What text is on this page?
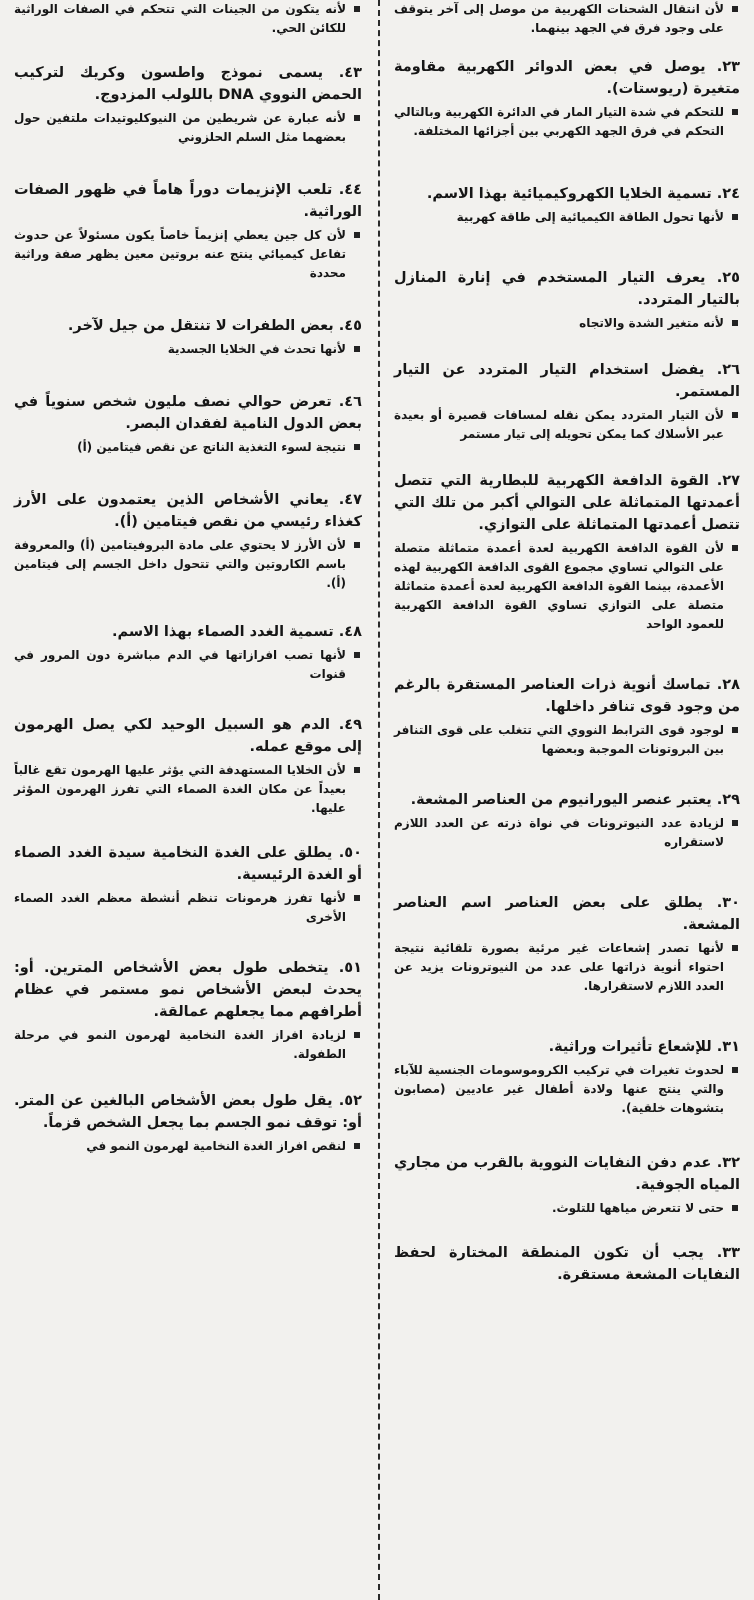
لأن انتقال الشحنات الكهربية من موصل إلى آخر يتوقف على وجود فرق في الجهد بينهما.

٢٣. يوصل في بعض الدوائر الكهربية مقاومة متغيرة (ريوستات).

للتحكم في شدة التيار المار في الدائرة الكهربية وبالتالي التحكم في فرق الجهد الكهربي بين أجزائها المختلفة.

٢٤. تسمية الخلايا الكهروكيميائية بهذا الاسم.

لأنها تحول الطاقة الكيميائية إلى طاقة كهربية

٢٥. يعرف التيار المستخدم في إنارة المنازل بالتيار المتردد.

لأنه متغير الشدة والاتجاه

٢٦. يفضل استخدام التيار المتردد عن التيار المستمر.

لأن التيار المتردد يمكن نقله لمسافات قصيرة أو بعيدة عبر الأسلاك كما يمكن تحويله إلى تيار مستمر

٢٧. القوة الدافعة الكهربية للبطارية التي تتصل أعمدتها المتماثلة على التوالي أكبر من تلك التي تتصل أعمدتها المتماثلة على التوازي.

لأن القوة الدافعة الكهربية لعدة أعمدة متماثلة متصلة على التوالي تساوي مجموع القوى الدافعة الكهربية لهذه الأعمدة، بينما القوة الدافعة الكهربية لعدة أعمدة متماثلة متصلة على التوازي تساوي القوة الدافعة الكهربية للعمود الواحد

٢٨. تماسك أنوية ذرات العناصر المستقرة بالرغم من وجود قوى تنافر داخلها.

لوجود قوى الترابط النووي التي تتغلب على قوى التنافر بين البروتونات الموجبة وبعضها

٢٩. يعتبر عنصر اليورانيوم من العناصر المشعة.

لزيادة عدد النيوترونات في نواة ذرته عن العدد اللازم لاستقراره

٣٠. يطلق على بعض العناصر اسم العناصر المشعة.

لأنها تصدر إشعاعات غير مرئية بصورة تلقائية نتيجة احتواء أنوية ذراتها على عدد من النيوترونات يزيد عن العدد اللازم لاستقرارها.

٣١. للإشعاع تأثيرات وراثية.

لحدوث تغيرات في تركيب الكروموسومات الجنسية للآباء والتي ينتج عنها ولادة أطفال غير عاديين (مصابون بتشوهات خلقية).

٣٢. عدم دفن النفايات النووية بالقرب من مجاري المياه الجوفية.

حتى لا تتعرض مياهها للتلوث.

٣٣. يجب أن تكون المنطقة المختارة لحفظ النفايات المشعة مستقرة.

لأنه يتكون من الجينات التي تتحكم في الصفات الوراثية للكائن الحي.

٤٣. يسمى نموذج واطسون وكريك لتركيب الحمض النووي DNA باللولب المزدوج.

لأنه عبارة عن شريطين من النيوكليوتيدات ملتفين حول بعضهما مثل السلم الحلزوني

٤٤. تلعب الإنزيمات دوراً هاماً في ظهور الصفات الوراثية.

لأن كل جين يعطي إنزيماً خاصاً يكون مسئولاً عن حدوث تفاعل كيميائي ينتج عنه بروتين معين يظهر صفة وراثية محددة

٤٥. بعض الطفرات لا تنتقل من جيل لآخر.

لأنها تحدث في الخلايا الجسدية

٤٦. تعرض حوالي نصف مليون شخص سنوياً في بعض الدول النامية لفقدان البصر.

نتيجة لسوء التغذية الناتج عن نقص فيتامين (أ)

٤٧. يعاني الأشخاص الذين يعتمدون على الأرز كغذاء رئيسي من نقص فيتامين (أ).

لأن الأرز لا يحتوي على مادة البروفيتامين (أ) والمعروفة باسم الكاروتين والتي تتحول داخل الجسم إلى فيتامين (أ).

٤٨. تسمية الغدد الصماء بهذا الاسم.

لأنها تصب افرازاتها في الدم مباشرة دون المرور في قنوات

٤٩. الدم هو السبيل الوحيد لكي يصل الهرمون إلى موقع عمله.

لأن الخلايا المستهدفة التي يؤثر عليها الهرمون تقع غالباً بعيداً عن مكان الغدة الصماء التي تفرز الهرمون المؤثر عليها.

٥٠. يطلق على الغدة النخامية سيدة الغدد الصماء أو الغدة الرئيسية.

لأنها تفرز هرمونات تنظم أنشطة معظم الغدد الصماء الأخرى

٥١. يتخطى طول بعض الأشخاص المترين. أو: يحدث لبعض الأشخاص نمو مستمر في عظام أطرافهم مما يجعلهم عمالقة.

لزيادة افراز الغدة النخامية لهرمون النمو في مرحلة الطفولة.

٥٢. يقل طول بعض الأشخاص البالغين عن المتر. أو: توقف نمو الجسم بما يجعل الشخص قزماً.

لنقص افراز الغدة النخامية لهرمون النمو في
